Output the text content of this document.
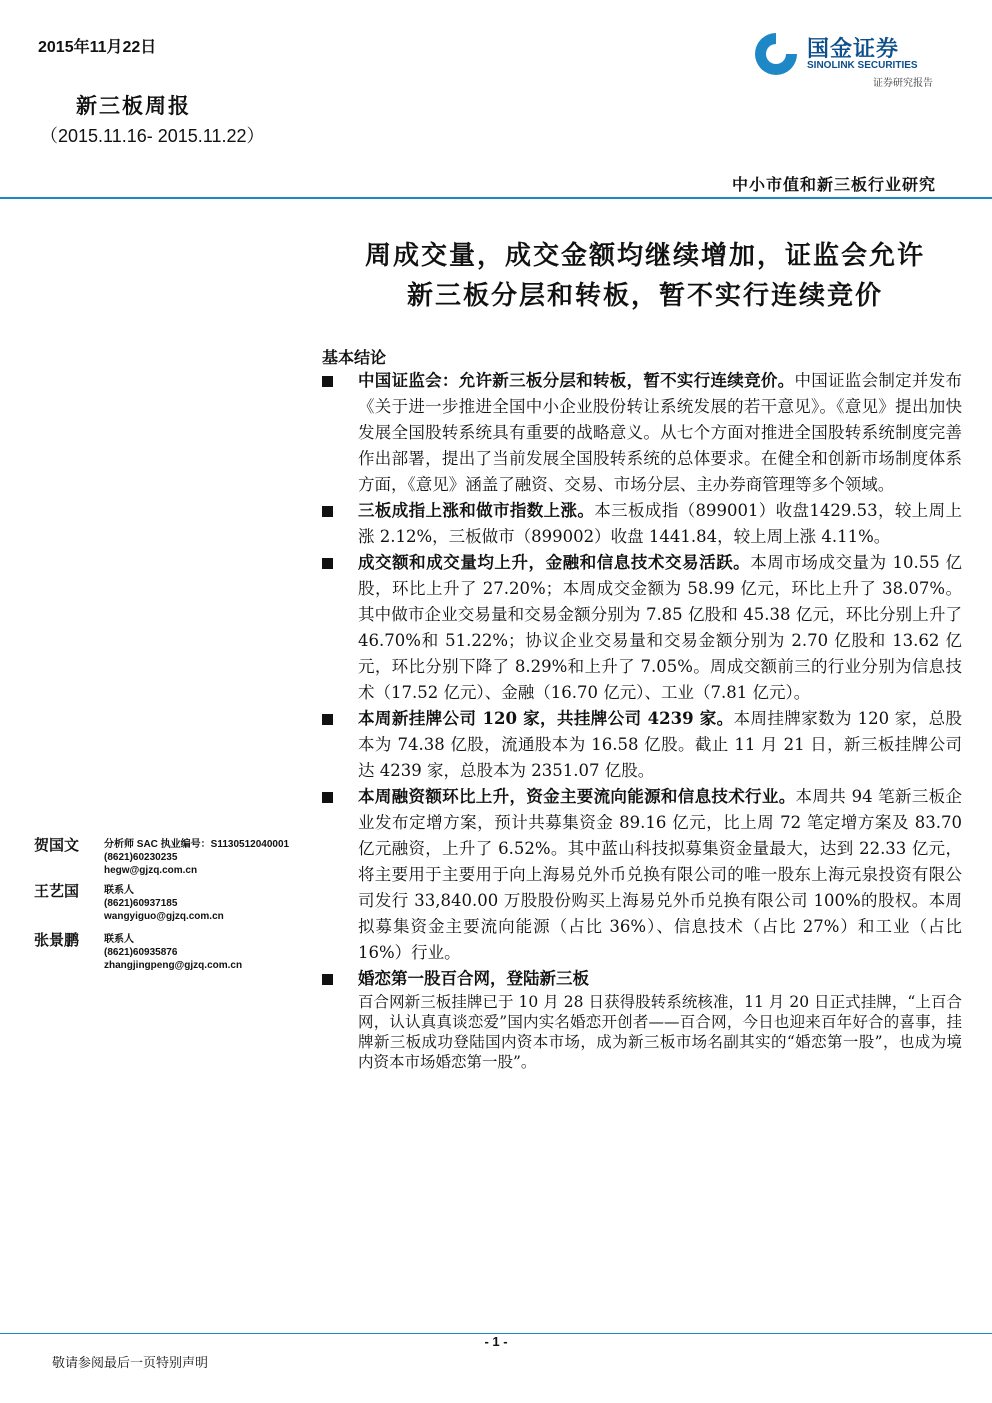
2015年11月22日
新三板周报
（2015.11.16- 2015.11.22）
国金证券
SINOLINK SECURITIES
证券研究报告
中小市值和新三板行业研究
周成交量，成交金额均继续增加，证监会允许
新三板分层和转板，暂不实行连续竞价
基本结论
中国证监会：允许新三板分层和转板，暂不实行连续竞价。中国证监会制定并发布《关于进一步推进全国中小企业股份转让系统发展的若干意见》。《意见》提出加快发展全国股转系统具有重要的战略意义。从七个方面对推进全国股转系统制度完善作出部署，提出了当前发展全国股转系统的总体要求。在健全和创新市场制度体系方面，《意见》涵盖了融资、交易、市场分层、主办券商管理等多个领域。
三板成指上涨和做市指数上涨。本三板成指（899001）收盘1429.53，较上周上涨 2.12%，三板做市（899002）收盘 1441.84，较上周上涨 4.11%。
成交额和成交量均上升，金融和信息技术交易活跃。本周市场成交量为 10.55 亿股，环比上升了 27.20%；本周成交金额为 58.99 亿元，环比上升了 38.07%。其中做市企业交易量和交易金额分别为 7.85 亿股和 45.38 亿元，环比分别上升了 46.70%和 51.22%；协议企业交易量和交易金额分别为 2.70 亿股和 13.62 亿元，环比分别下降了 8.29%和上升了 7.05%。周成交额前三的行业分别为信息技术（17.52 亿元）、金融（16.70 亿元）、工业（7.81 亿元）。
本周新挂牌公司 120 家，共挂牌公司 4239 家。本周挂牌家数为 120 家，总股本为 74.38 亿股，流通股本为 16.58 亿股。截止 11 月 21 日，新三板挂牌公司达 4239 家，总股本为 2351.07 亿股。
本周融资额环比上升，资金主要流向能源和信息技术行业。本周共 94 笔新三板企业发布定增方案，预计共募集资金 89.16 亿元，比上周 72 笔定增方案及 83.70 亿元融资，上升了 6.52%。其中蓝山科技拟募集资金量最大，达到 22.33 亿元，将主要用于主要用于向上海易兑外币兑换有限公司的唯一股东上海元泉投资有限公司发行 33,840.00 万股股份购买上海易兑外币兑换有限公司 100%的股权。本周拟募集资金主要流向能源（占比 36%）、信息技术（占比 27%）和工业（占比 16%）行业。
婚恋第一股百合网，登陆新三板
百合网新三板挂牌已于 10 月 28 日获得股转系统核准，11 月 20 日正式挂牌，“上百合网，认认真真谈恋爱”国内实名婚恋开创者——百合网，今日也迎来百年好合的喜事，挂牌新三板成功登陆国内资本市场，成为新三板市场名副其实的“婚恋第一股”，也成为境内资本市场婚恋第一股”。
贺国文 分析师 SAC 执业编号：S1130512040001
(8621)60230235
hegw@gjzq.com.cn
王艺国 联系人
(8621)60937185
wangyiguo@gjzq.com.cn
张景鹏 联系人
(8621)60935876
zhangjingpeng@gjzq.com.cn
- 1 -
敬请参阅最后一页特别声明
